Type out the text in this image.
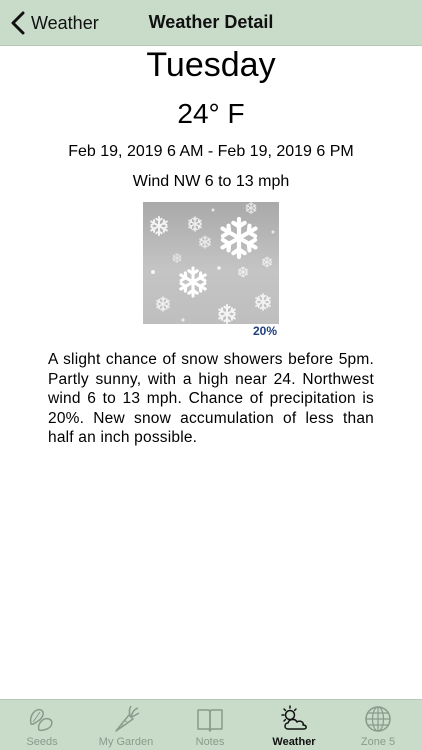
Weather	Weather Detail
Tuesday
24° F
Feb 19, 2019 6 AM - Feb 19, 2019 6 PM
Wind NW 6 to 13 mph
20%
A slight chance of snow showers before 5pm. Partly sunny, with a high near 24. Northwest wind 6 to 13 mph. Chance of precipitation is 20%. New snow accumulation of less than half an inch possible.
Seeds	My Garden	Notes	Weather	Zone 5
